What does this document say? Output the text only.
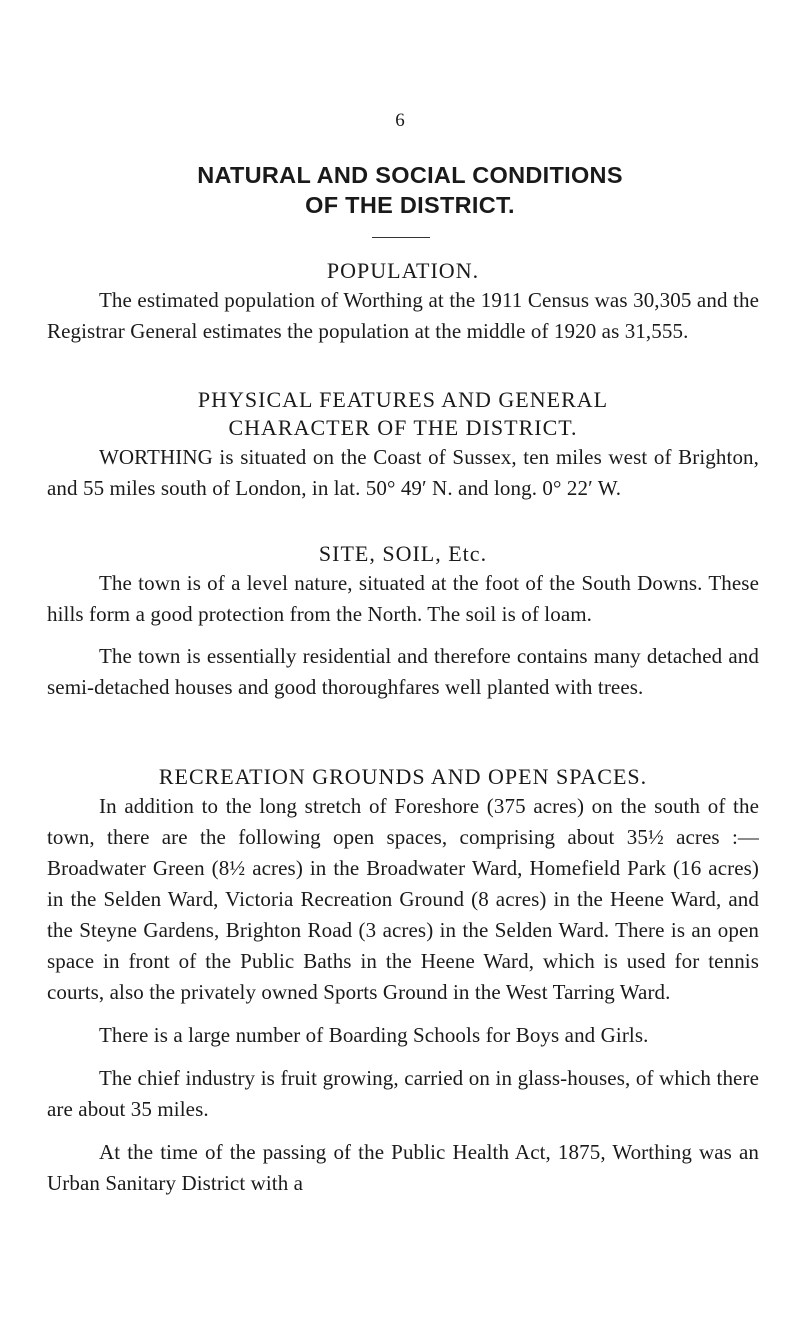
6
NATURAL AND SOCIAL CONDITIONS
OF THE DISTRICT.
POPULATION.

The estimated population of Worthing at the 1911 Census was 30,305 and the Registrar General estimates the population at the middle of 1920 as 31,555.

PHYSICAL FEATURES AND GENERAL
CHARACTER OF THE DISTRICT.

WORTHING is situated on the Coast of Sussex, ten miles west of Brighton, and 55 miles south of London, in lat. 50° 49′ N. and long. 0° 22′ W.

SITE, SOIL, Etc.

The town is of a level nature, situated at the foot of the South Downs. These hills form a good protection from the North. The soil is of loam.

The town is essentially residential and therefore contains many detached and semi-detached houses and good thoroughfares well planted with trees.

RECREATION GROUNDS AND OPEN SPACES.

In addition to the long stretch of Foreshore (375 acres) on the south of the town, there are the following open spaces, comprising about 35½ acres :—Broadwater Green (8½ acres) in the Broadwater Ward, Homefield Park (16 acres) in the Selden Ward, Victoria Recreation Ground (8 acres) in the Heene Ward, and the Steyne Gardens, Brighton Road (3 acres) in the Selden Ward. There is an open space in front of the Public Baths in the Heene Ward, which is used for tennis courts, also the privately owned Sports Ground in the West Tarring Ward.

There is a large number of Boarding Schools for Boys and Girls.

The chief industry is fruit growing, carried on in glass-houses, of which there are about 35 miles.

At the time of the passing of the Public Health Act, 1875, Worthing was an Urban Sanitary District with a
